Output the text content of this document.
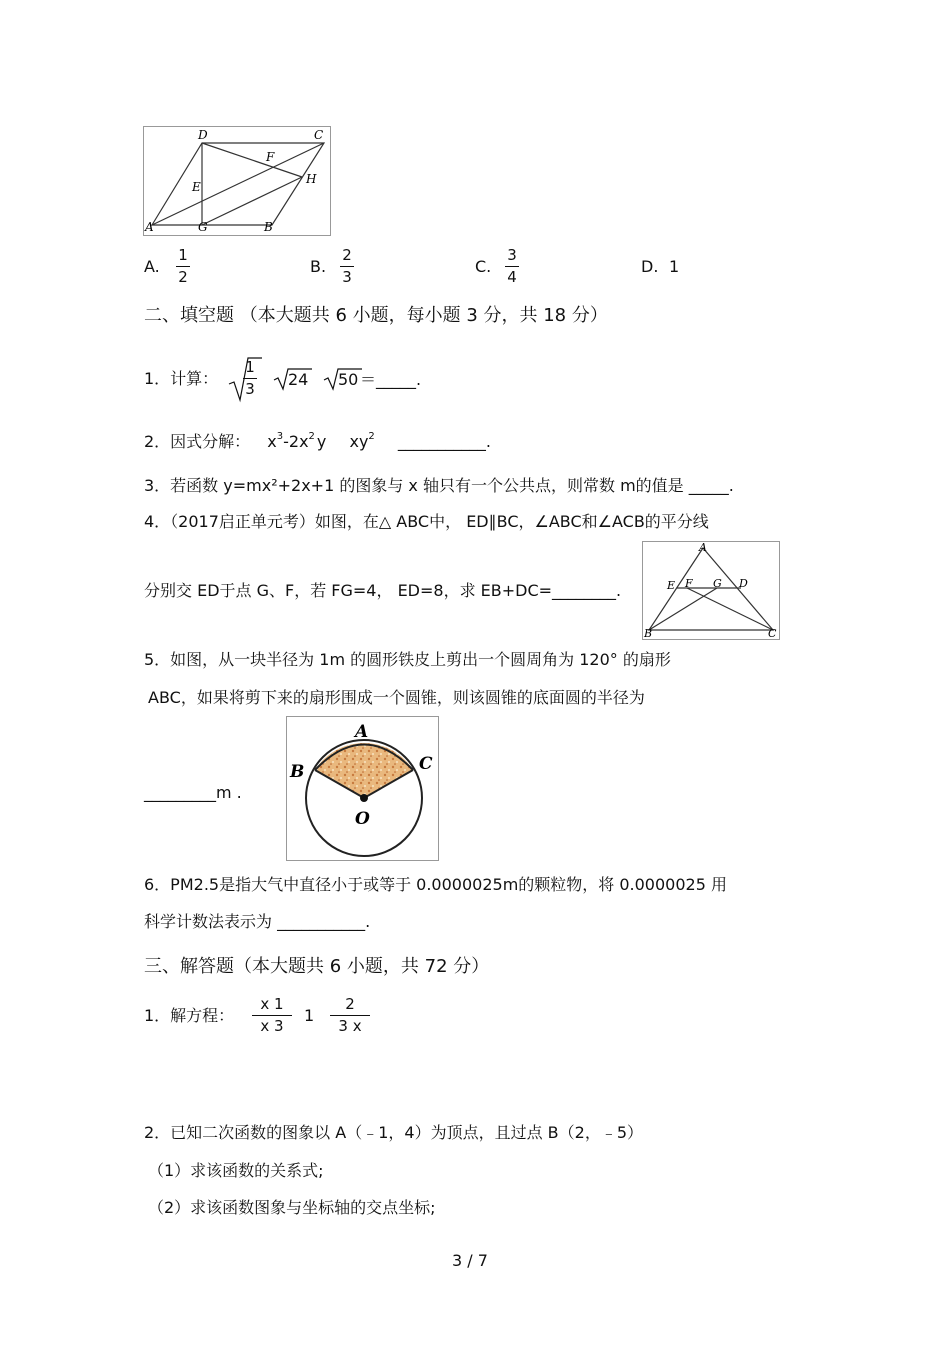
D	C
F
E
H
A	G	B
A.
1
2
B.
2
3
C.
3
4
D. 1
二、填空题 （本大题共 6 小题，每小题 3 分，共 18 分）
1．计算：
1
3 24 50 ＝_____.
2．因式分解： $x^3-2x^2$ y $xy^2$ ___________.
3．若函数 y=mx²+2x+1 的图象与 x 轴只有一个公共点，则常数 m的值是 _____.
4．（2017启正单元考）如图，在△ ABC中， ED∥BC，∠ABC和∠ACB的平分线
分别交 ED于点 G、F，若 FG=4， ED=8，求 EB+DC=________.
A
E F G D
B	C
5．如图，从一块半径为 1m 的圆形铁皮上剪出一个圆周角为 120° 的扇形
ABC，如果将剪下来的扇形围成一个圆锥，则该圆锥的底面圆的半径为
_________m .
A
B	C
O
6．PM2.5是指大气中直径小于或等于 0.0000025m的颗粒物，将 0.0000025 用
科学计数法表示为 ___________.
三、解答题（本大题共 6 小题，共 72 分）
1．解方程：
x 1
x 3
1
2
3 x
2．已知二次函数的图象以 A（﹣1，4）为顶点，且过点 B（2，﹣5）
（1）求该函数的关系式;
（2）求该函数图象与坐标轴的交点坐标;
3 / 7
